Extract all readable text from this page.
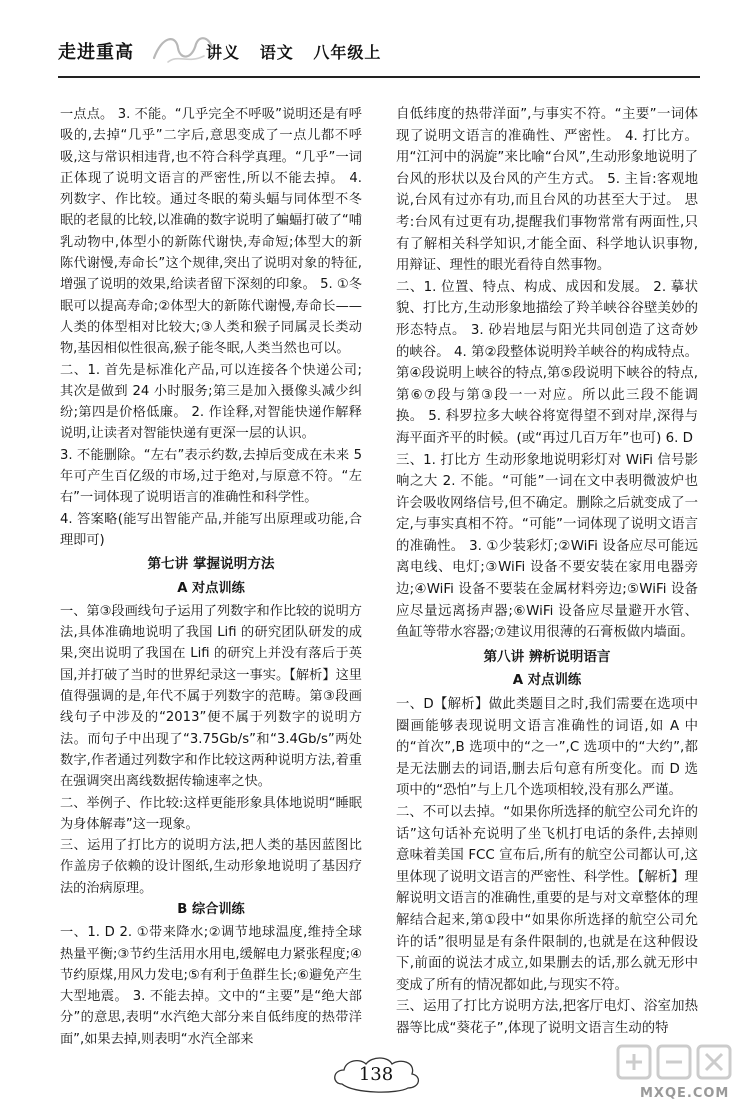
走进重高	讲义   语文   八年级上

一点点。 3. 不能。“几乎完全不呼吸”说明还是有呼吸的,去掉“几乎”二字后,意思变成了一点儿都不呼吸,这与常识相违背,也不符合科学真理。“几乎”一词正体现了说明文语言的严密性,所以不能去掉。 4. 列数字、作比较。通过冬眠的菊头蝠与同体型不冬眠的老鼠的比较,以准确的数字说明了蝙蝠打破了“哺乳动物中,体型小的新陈代谢快,寿命短;体型大的新陈代谢慢,寿命长”这个规律,突出了说明对象的特征,增强了说明的效果,给读者留下深刻的印象。 5. ①冬眠可以提高寿命;②体型大的新陈代谢慢,寿命长——人类的体型相对比较大;③人类和猴子同属灵长类动物,基因相似性很高,猴子能冬眠,人类当然也可以。

二、1. 首先是标准化产品,可以连接各个快递公司;其次是做到 24 小时服务;第三是加入摄像头减少纠纷;第四是价格低廉。 2. 作诠释,对智能快递作解释说明,让读者对智能快递有更深一层的认识。

3. 不能删除。“左右”表示约数,去掉后变成在未来 5 年可产生百亿级的市场,过于绝对,与原意不符。“左右”一词体现了说明语言的准确性和科学性。

4. 答案略(能写出智能产品,并能写出原理或功能,合理即可)

第七讲 掌握说明方法

A 对点训练

一、第③段画线句子运用了列数字和作比较的说明方法,具体准确地说明了我国 Lifi 的研究团队研发的成果,突出说明了我国在 Lifi 的研究上并没有落后于英国,并打破了当时的世界纪录这一事实。【解析】这里值得强调的是,年代不属于列数字的范畴。第③段画线句子中涉及的“2013”便不属于列数字的说明方法。而句子中出现了“3.75Gb/s”和“3.4Gb/s”两处数字,作者通过列数字和作比较这两种说明方法,着重在强调突出离线数据传输速率之快。

二、举例子、作比较:这样更能形象具体地说明“睡眠为身体解毒”这一现象。

三、运用了打比方的说明方法,把人类的基因蓝图比作盖房子依赖的设计图纸,生动形象地说明了基因疗法的治病原理。

B 综合训练

一、1. D 2. ①带来降水;②调节地球温度,维持全球热量平衡;③节约生活用水用电,缓解电力紧张程度;④节约原煤,用风力发电;⑤有利于鱼群生长;⑥避免产生大型地震。 3. 不能去掉。文中的“主要”是“绝大部分”的意思,表明“水汽绝大部分来自低纬度的热带洋面”,如果去掉,则表明“水汽全部来

自低纬度的热带洋面”,与事实不符。“主要”一词体现了说明文语言的准确性、严密性。 4. 打比方。用“江河中的涡旋”来比喻“台风”,生动形象地说明了台风的形状以及台风的产生方式。 5. 主旨:客观地说,台风有过亦有功,而且台风的功甚至大于过。 思考:台风有过更有功,提醒我们事物常常有两面性,只有了解相关科学知识,才能全面、科学地认识事物,用辩证、理性的眼光看待自然事物。

二、1. 位置、特点、构成、成因和发展。 2. 摹状貌、打比方,生动形象地描绘了羚羊峡谷谷壁美妙的形态特点。 3. 砂岩地层与阳光共同创造了这奇妙的峡谷。 4. 第②段整体说明羚羊峡谷的构成特点。第④段说明上峡谷的特点,第⑤段说明下峡谷的特点,第⑥⑦段与第③段一一对应。所以此三段不能调换。 5. 科罗拉多大峡谷将宽得望不到对岸,深得与海平面齐平的时候。(或“再过几百万年”也可) 6. D

三、1. 打比方 生动形象地说明彩灯对 WiFi 信号影响之大 2. 不能。“可能”一词在文中表明微波炉也许会吸收网络信号,但不确定。删除之后就变成了一定,与事实真相不符。“可能”一词体现了说明文语言的准确性。 3. ①少装彩灯;②WiFi 设备应尽可能远离电线、电灯;③WiFi 设备不要安装在家用电器旁边;④WiFi 设备不要装在金属材料旁边;⑤WiFi 设备应尽量远离扬声器;⑥WiFi 设备应尽量避开水管、鱼缸等带水容器;⑦建议用很薄的石膏板做内墙面。

第八讲 辨析说明语言

A 对点训练

一、D【解析】做此类题目之时,我们需要在选项中圈画能够表现说明文语言准确性的词语,如 A 中的“首次”,B 选项中的“之一”,C 选项中的“大约”,都是无法删去的词语,删去后句意有所变化。而 D 选项中的“恐怕”与上几个选项相较,没有那么严谨。

二、不可以去掉。“如果你所选择的航空公司允许的话”这句话补充说明了坐飞机打电话的条件,去掉则意味着美国 FCC 宣布后,所有的航空公司都认可,这里体现了说明文语言的严密性、科学性。【解析】理解说明文语言的准确性,重要的是与对文章整体的理解结合起来,第①段中“如果你所选择的航空公司允许的话”很明显是有条件限制的,也就是在这种假设下,前面的说法才成立,如果删去的话,那么就无形中变成了所有的情况都如此,与现实不符。

三、运用了打比方说明方法,把客厅电灯、浴室加热器等比成“葵花子”,体现了说明文语言生动的特

138
MXQE.COM
